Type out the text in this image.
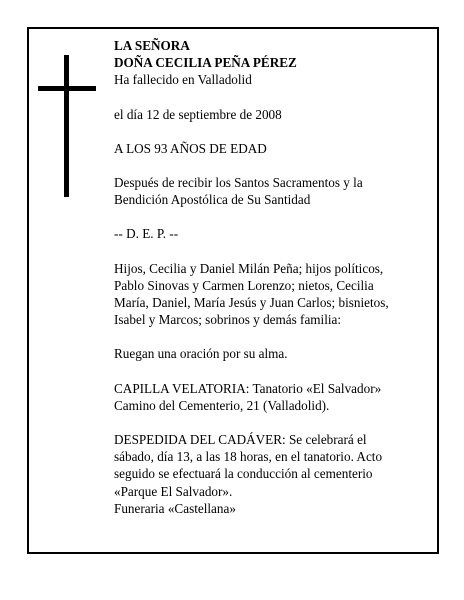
LA SEÑORA
DOÑA CECILIA PEÑA PÉREZ
Ha fallecido en Valladolid

el día 12 de septiembre de 2008

A LOS 93 AÑOS DE EDAD

Después de recibir los Santos Sacramentos y la
Bendición Apostólica de Su Santidad

-- D. E. P. --

Hijos, Cecilia y Daniel Milán Peña; hijos políticos,
Pablo Sinovas y Carmen Lorenzo; nietos, Cecilia
María, Daniel, María Jesús y Juan Carlos; bisnietos,
Isabel y Marcos; sobrinos y demás familia:

Ruegan una oración por su alma.

CAPILLA VELATORIA: Tanatorio «El Salvador»
Camino del Cementerio, 21 (Valladolid).

DESPEDIDA DEL CADÁVER: Se celebrará el
sábado, día 13, a las 18 horas, en el tanatorio. Acto
seguido se efectuará la conducción al cementerio
«Parque El Salvador».
Funeraria «Castellana»
